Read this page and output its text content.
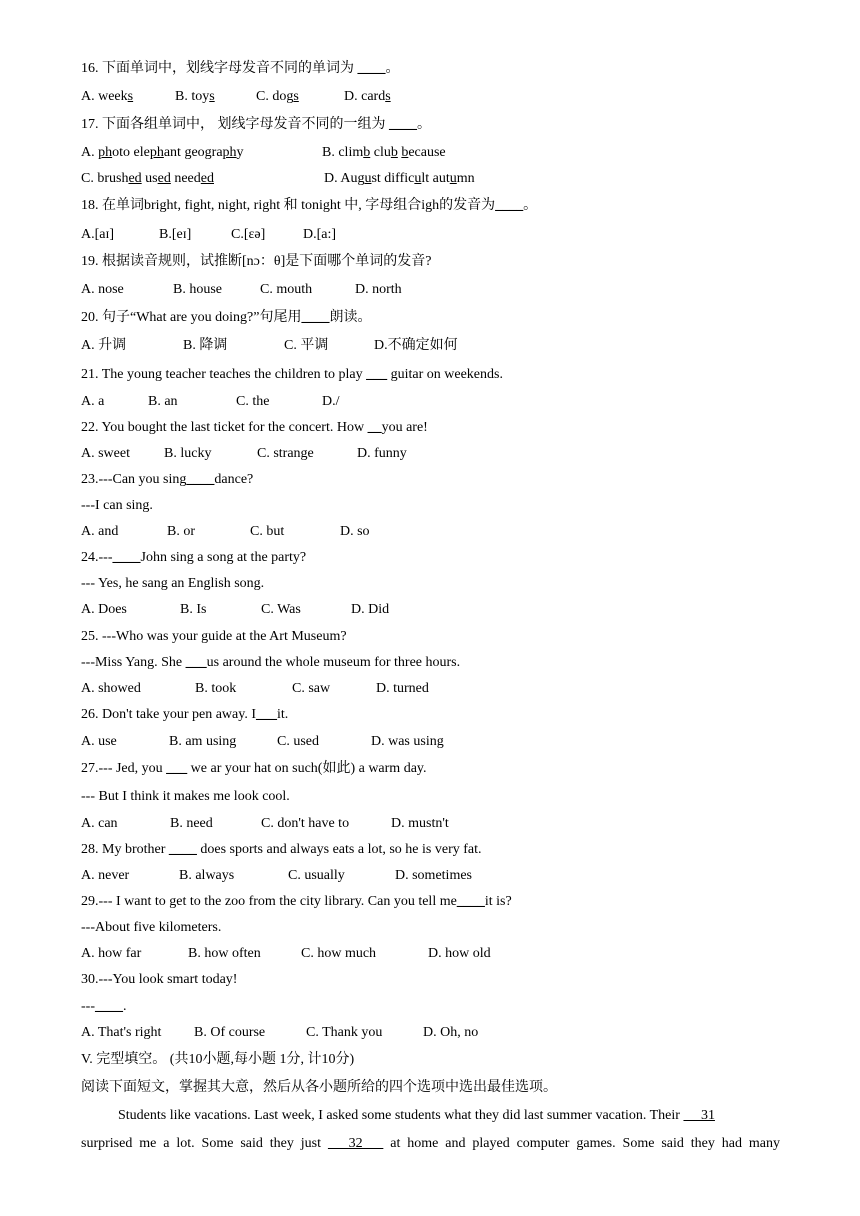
16. 下面单词中，划线字母发音不同的单词为 ____。
A. weeks	B. toys	C. dogs	D. cards
17. 下面各组单词中， 划线字母发音不同的一组为 ____。
A. photo elephant geography	B. climb club because
C. brushed used needed	D. August difficult autumn
18. 在单词bright, fight, night, right 和 tonight 中, 字母组合igh的发音为____。
A.[aɪ]	B.[eɪ]	C.[ɛə]	D.[a:]
19. 根据读音规则，试推断[nɔ：θ]是下面哪个单词的发音?
A. nose	B. house	C. mouth	D. north
20. 句子“What are you doing?”句尾用____朗读。
A. 升调	B. 降调	C. 平调	D.不确定如何
21. The young teacher teaches the children to play ___ guitar on weekends.
A. a	B. an	C. the	D./
22. You bought the last ticket for the concert. How __you are!
A. sweet B. lucky	C. strange	D. funny
23.---Can you sing____dance?
---I can sing.
A. and	B. or	C. but	D. so
24.---____John sing a song at the party?
--- Yes, he sang an English song.
A. Does	B. Is	C. Was	D. Did
25. ---Who was your guide at the Art Museum?
---Miss Yang. She ___us around the whole museum for three hours.
A. showed	B. took	C. saw	D. turned
26. Don't take your pen away. I___it.
A. use	B. am using	C. used	D. was using
27.--- Jed, you ___ we ar your hat on such(如此) a warm day.
--- But I think it makes me look cool.
A. can	B. need	C. don't have to	D. mustn't
28. My brother ____ does sports and always eats a lot, so he is very fat.
A. never	B. always	C. usually	D. sometimes
29.--- I want to get to the zoo from the city library. Can you tell me____it is?
---About five kilometers.
A. how far	B. how often	C. how much	D. how old
30.---You look smart today!
---____.
A. That's right B. Of course	C. Thank you	D. Oh, no
V. 完型填空。 (共10小题,每小题 1分, 计10分)
阅读下面短文，掌握其大意，然后从各小题所给的四个选项中选出最佳选项。
Students like vacations. Last week, I asked some students what they did last summer vacation. Their      31
surprised me a lot. Some said they just    32    at home and played computer games. Some said they had many
